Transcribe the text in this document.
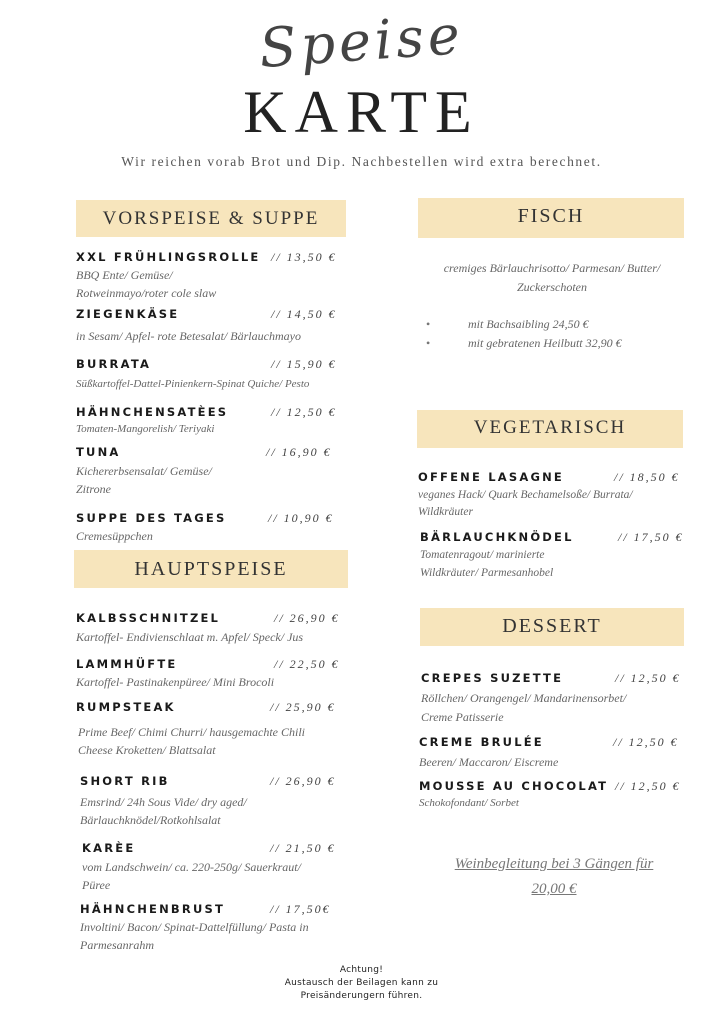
Speise
KARTE
Wir reichen vorab Brot und Dip. Nachbestellen wird extra berechnet.
VORSPEISE & SUPPE
XXL FRÜHLINGSROLLE // 13,50 €
BBQ Ente/ Gemüse/
Rotweinmayo/roter cole slaw
ZIEGENKÄSE	// 14,50 €
in Sesam/ Apfel- rote Betesalat/ Bärlauchmayo
BURRATA	// 15,90 €
Süßkartoffel-Dattel-Pinienkern-Spinat Quiche/ Pesto
HÄHNCHENSATÈES	// 12,50 €
Tomaten-Mangorelish/ Teriyaki
TUNA	// 16,90 €
Kichererbsensalat/ Gemüse/
Zitrone
SUPPE DES TAGES	// 10,90 €
Cremesüppchen
HAUPTSPEISE
KALBSSCHNITZEL	// 26,90 €
Kartoffel- Endivienschlaat m. Apfel/ Speck/ Jus
LAMMHÜFTE	// 22,50 €
Kartoffel- Pastinakenpüree/ Mini Brocoli
RUMPSTEAK	// 25,90 €
Prime Beef/ Chimi Churri/ hausgemachte Chili
Cheese Kroketten/ Blattsalat
SHORT RIB	// 26,90 €
Emsrind/ 24h Sous Vide/ dry aged/
Bärlauchknödel/Rotkohlsalat
KARÈE	// 21,50 €
vom Landschwein/ ca. 220-250g/ Sauerkraut/
Püree
HÄHNCHENBRUST	// 17,50€
Involtini/ Bacon/ Spinat-Dattelfüllung/ Pasta in
Parmesanrahm
FISCH
cremiges Bärlauchrisotto/ Parmesan/ Butter/
Zuckerschoten
• mit Bachsaibling 24,50 €
• mit gebratenen Heilbutt 32,90 €
VEGETARISCH
OFFENE LASAGNE	// 18,50 €
veganes Hack/ Quark Bechamelsoße/ Burrata/
Wildkräuter
BÄRLAUCHKNÖDEL	// 17,50 €
Tomatenragout/ marinierte
Wildkräuter/ Parmesanhobel
DESSERT
CREPES SUZETTE	// 12,50 €
Röllchen/ Orangengel/ Mandarinensorbet/
Creme Patisserie
CREME BRULÉE	// 12,50 €
Beeren/ Maccaron/ Eiscreme
MOUSSE AU CHOCOLAT // 12,50 €
Schokofondant/ Sorbet
Weinbegleitung bei 3 Gängen für
20,00 €
Achtung!
Austausch der Beilagen kann zu
Preisänderungern führen.
